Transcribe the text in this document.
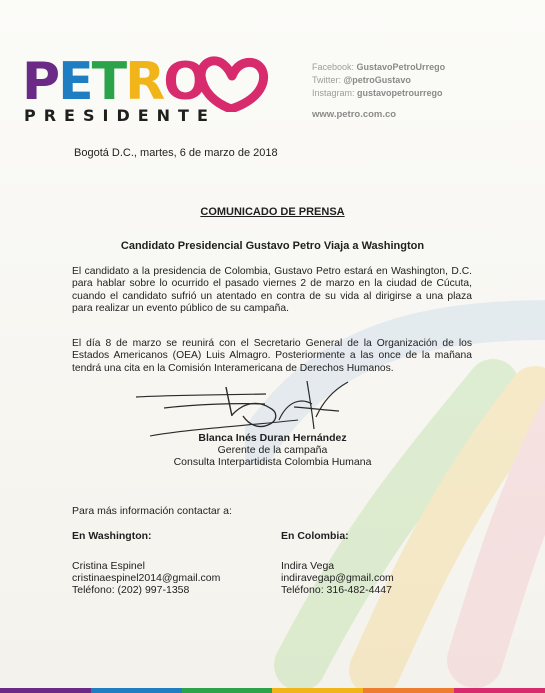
PETRO
PRESIDENTE
Facebook: GustavoPetroUrrego
Twitter: @petroGustavo
Instagram: gustavopetrourrego
www.petro.com.co
Bogotá D.C., martes, 6 de marzo de 2018
COMUNICADO DE PRENSA
Candidato Presidencial Gustavo Petro Viaja a Washington

El candidato a la presidencia de Colombia, Gustavo Petro estará en Washington, D.C. para hablar sobre lo ocurrido el pasado viernes 2 de marzo en la ciudad de Cúcuta, cuando el candidato sufrió un atentado en contra de su vida al dirigirse a una plaza para realizar un evento público de su campaña.

El día 8 de marzo se reunirá con el Secretario General de la Organización de los Estados Americanos (OEA) Luis Almagro. Posteriormente a las once de la mañana tendrá una cita en la Comisión Interamericana de Derechos Humanos.

Blanca Inés Duran Hernández
Gerente de la campaña
Consulta Interpartidista Colombia Humana
Para más información contactar a:
En Washington:
Cristina Espinel
cristinaespinel2014@gmail.com
Teléfono: (202) 997-1358
En Colombia:
Indira Vega
indiravegap@gmail.com
Teléfono: 316-482-4447
